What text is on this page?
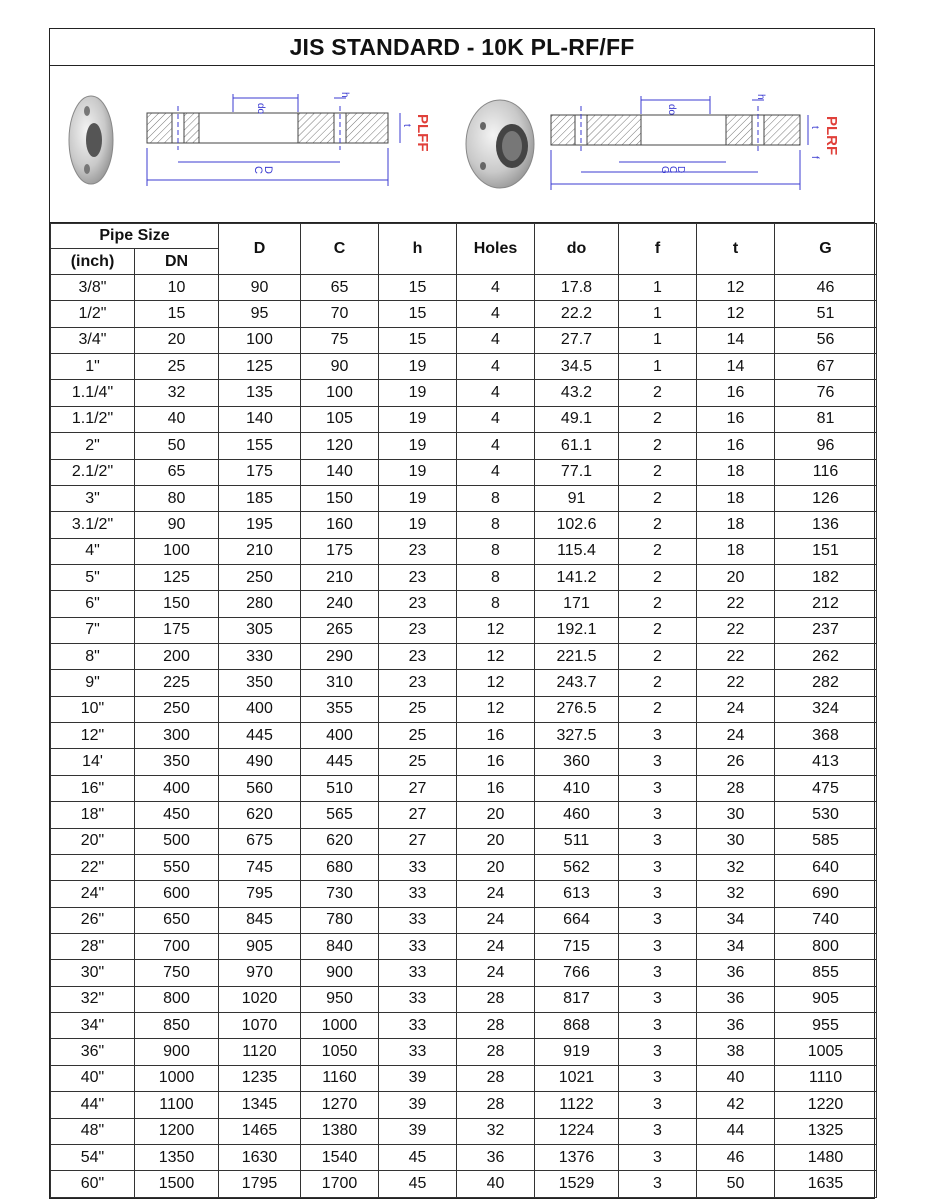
JIS STANDARD - 10K PL-RF/FF
do
h
t
C
D
PLFF
do
h
t
f
G
C
D
PLRF
Pipe Size		D	C	h	Holes	do	f	t	G
(inch)	DN								
3/8"	10	90	65	15	4	17.8	1	12	46
1/2"	15	95	70	15	4	22.2	1	12	51
3/4"	20	100	75	15	4	27.7	1	14	56
1"	25	125	90	19	4	34.5	1	14	67
1.1/4"	32	135	100	19	4	43.2	2	16	76
1.1/2"	40	140	105	19	4	49.1	2	16	81
2"	50	155	120	19	4	61.1	2	16	96
2.1/2"	65	175	140	19	4	77.1	2	18	116
3"	80	185	150	19	8	91	2	18	126
3.1/2"	90	195	160	19	8	102.6	2	18	136
4"	100	210	175	23	8	115.4	2	18	151
5"	125	250	210	23	8	141.2	2	20	182
6"	150	280	240	23	8	171	2	22	212
7"	175	305	265	23	12	192.1	2	22	237
8"	200	330	290	23	12	221.5	2	22	262
9"	225	350	310	23	12	243.7	2	22	282
10"	250	400	355	25	12	276.5	2	24	324
12"	300	445	400	25	16	327.5	3	24	368
14'	350	490	445	25	16	360	3	26	413
16"	400	560	510	27	16	410	3	28	475
18"	450	620	565	27	20	460	3	30	530
20"	500	675	620	27	20	511	3	30	585
22"	550	745	680	33	20	562	3	32	640
24"	600	795	730	33	24	613	3	32	690
26"	650	845	780	33	24	664	3	34	740
28"	700	905	840	33	24	715	3	34	800
30"	750	970	900	33	24	766	3	36	855
32"	800	1020	950	33	28	817	3	36	905
34"	850	1070	1000	33	28	868	3	36	955
36"	900	1120	1050	33	28	919	3	38	1005
40"	1000	1235	1160	39	28	1021	3	40	1110
44"	1100	1345	1270	39	28	1122	3	42	1220
48"	1200	1465	1380	39	32	1224	3	44	1325
54"	1350	1630	1540	45	36	1376	3	46	1480
60"	1500	1795	1700	45	40	1529	3	50	1635
